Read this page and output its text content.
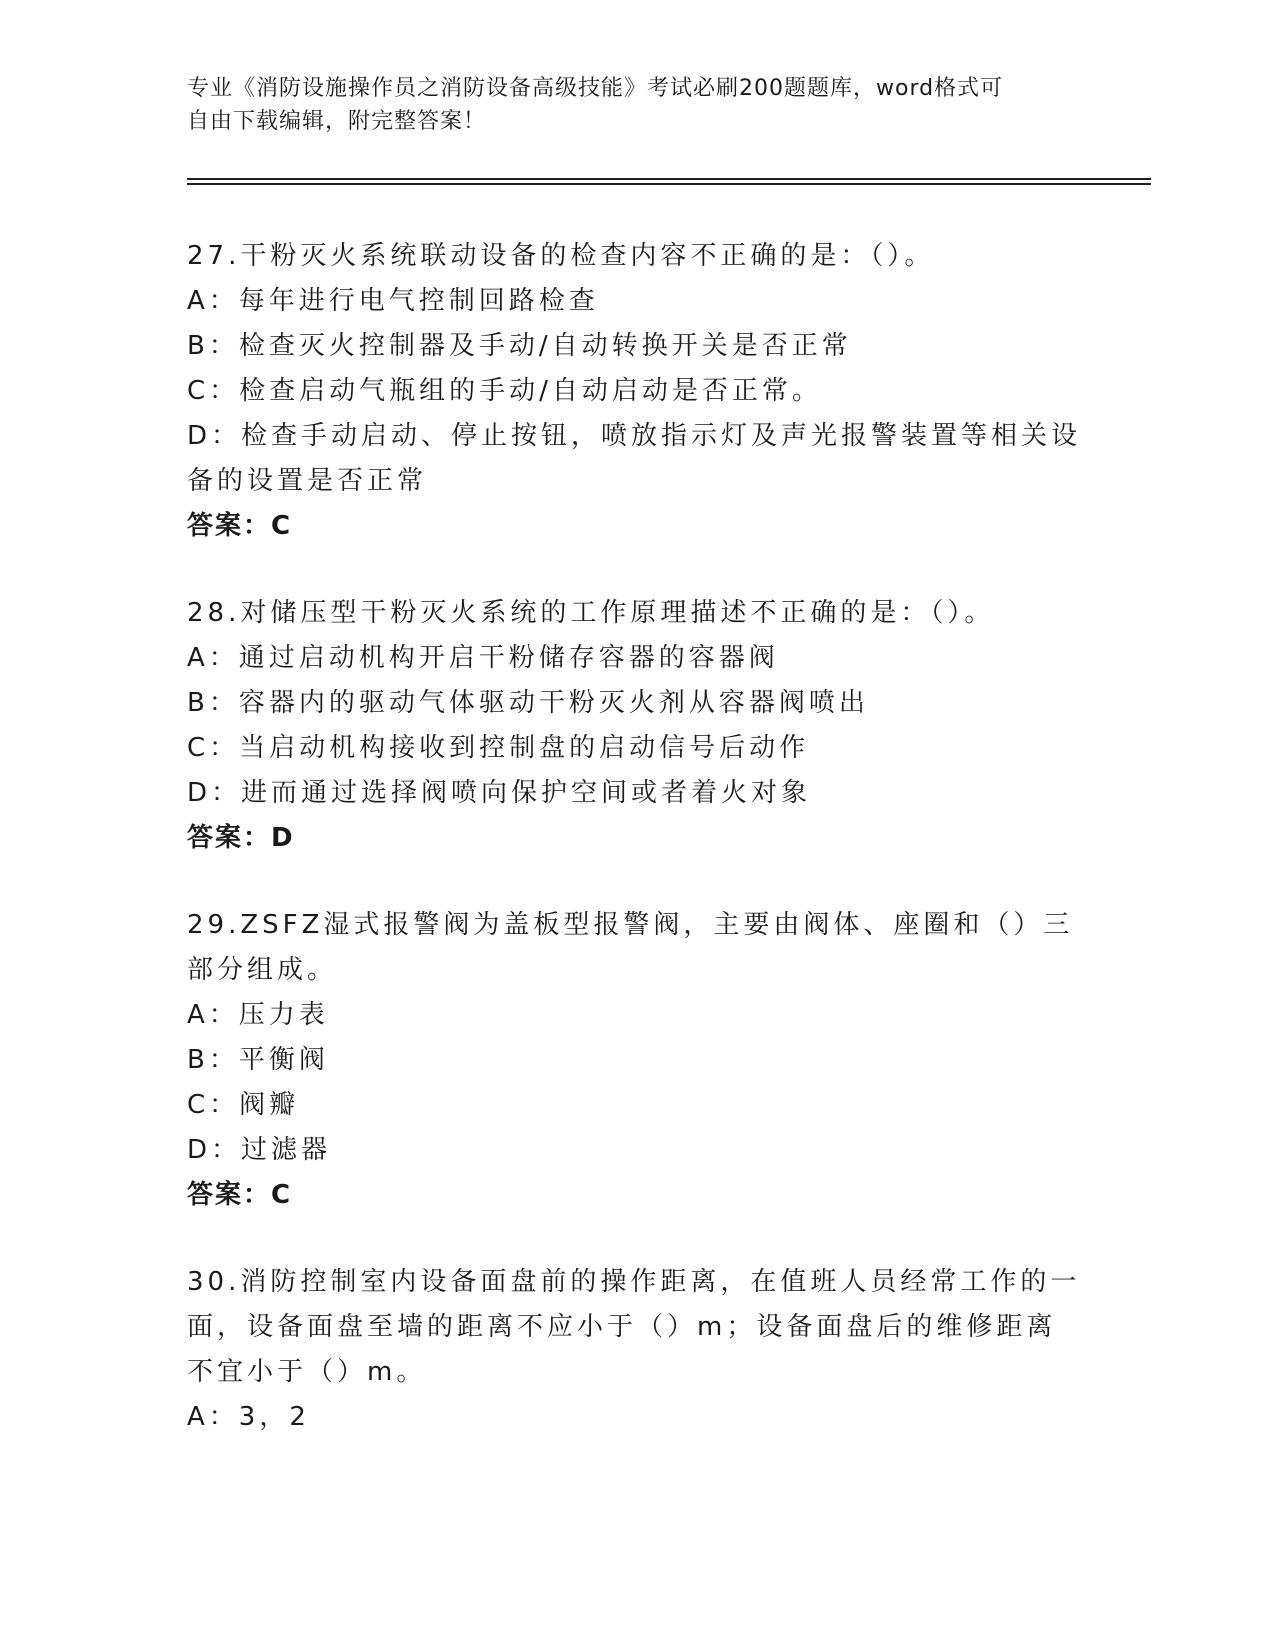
专业《消防设施操作员之消防设备高级技能》考试必刷200题题库，word格式可
自由下载编辑，附完整答案！
27.干粉灭火系统联动设备的检查内容不正确的是：（）。
A：每年进行电气控制回路检查
B：检查灭火控制器及手动/自动转换开关是否正常
C：检查启动气瓶组的手动/自动启动是否正常。
D：检查手动启动、停止按钮，喷放指示灯及声光报警装置等相关设备的设置是否正常
答案：C
28.对储压型干粉灭火系统的工作原理描述不正确的是：（）。
A：通过启动机构开启干粉储存容器的容器阀
B：容器内的驱动气体驱动干粉灭火剂从容器阀喷出
C：当启动机构接收到控制盘的启动信号后动作
D：进而通过选择阀喷向保护空间或者着火对象
答案：D
29.ZSFZ湿式报警阀为盖板型报警阀，主要由阀体、座圈和（）三部分组成。
A：压力表
B：平衡阀
C：阀瓣
D：过滤器
答案：C
30.消防控制室内设备面盘前的操作距离，在值班人员经常工作的一面，设备面盘至墙的距离不应小于（）m；设备面盘后的维修距离不宜小于（）m。
A：3，2
